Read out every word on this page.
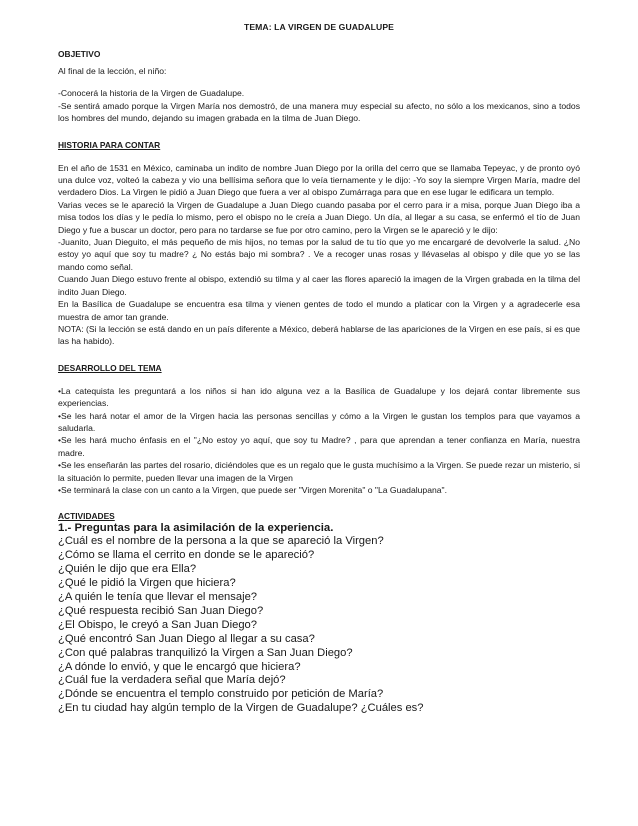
TEMA: LA VIRGEN DE GUADALUPE
OBJETIVO

Al final de la lección, el niño:

-Conocerá la historia de la Virgen de Guadalupe.

-Se sentirá amado porque la Virgen María nos demostró, de una manera muy especial su afecto, no sólo a los mexicanos, sino a todos los hombres del mundo, dejando su imagen grabada en la tilma de Juan Diego.

HISTORIA PARA CONTAR

En el año de 1531 en México, caminaba un indito de nombre Juan Diego por la orilla del cerro que se llamaba Tepeyac, y de pronto oyó una dulce voz, volteó la cabeza y vio una bellísima señora que lo veía tiernamente y le dijo: -Yo soy la siempre Virgen María, madre del verdadero Dios. La Virgen le pidió a Juan Diego que fuera a ver al obispo Zumárraga para que en ese lugar le edificara un templo.

Varias veces se le apareció la Virgen de Guadalupe a Juan Diego cuando pasaba por el cerro para ir a misa, porque Juan Diego iba a misa todos los días y le pedía lo mismo, pero el obispo no le creía a Juan Diego. Un día, al llegar a su casa, se enfermó el tío de Juan Diego y fue a buscar un doctor, pero para no tardarse se fue por otro camino, pero la Virgen se le apareció y le dijo:

-Juanito, Juan Dieguito, el más pequeño de mis hijos, no temas por la salud de tu tío que yo me encargaré de devolverle la salud. ¿No estoy yo aquí que soy tu madre? ¿ No estás bajo mi sombra? . Ve a recoger unas rosas y llévaselas al obispo y dile que yo se las mando como señal.

Cuando Juan Diego estuvo frente al obispo, extendió su tilma y al caer las flores apareció la imagen de la Virgen grabada en la tilma del indito Juan Diego.

En la Basílica de Guadalupe se encuentra esa tilma y vienen gentes de todo el mundo a platicar con la Virgen y a agradecerle esa muestra de amor tan grande.

NOTA: (Si la lección se está dando en un país diferente a México, deberá hablarse de las apariciones de la Virgen en ese país, si es que las ha habido).

DESARROLLO DEL TEMA

•La catequista les preguntará a los niños si han ido alguna vez a la Basílica de Guadalupe y los dejará contar libremente sus experiencias.

•Se les hará notar el amor de la Virgen hacia las personas sencillas y cómo a la Virgen le gustan los templos para que vayamos a saludarla.

•Se les hará mucho énfasis en el "¿No estoy yo aquí, que soy tu Madre? , para que aprendan a tener confianza en María, nuestra madre.

•Se les enseñarán las partes del rosario, diciéndoles que es un regalo que le gusta muchísimo a la Virgen. Se puede rezar un misterio, si la situación lo permite, pueden llevar una imagen de la Virgen

•Se terminará la clase con un canto a la Virgen, que puede ser "Virgen Morenita" o "La Guadalupana".

ACTIVIDADES
1.- Preguntas para la asimilación de la experiencia.
¿Cuál es el nombre de la persona a la que se apareció la Virgen?
¿Cómo se llama el cerrito en donde se le apareció?
¿Quién le dijo que era Ella?
¿Qué le pidió la Virgen que hiciera?
¿A quién le tenía que llevar el mensaje?
¿Qué respuesta recibió San Juan Diego?
¿El Obispo, le creyó a San Juan Diego?
¿Qué encontró San Juan Diego al llegar a su casa?
¿Con qué palabras tranquilizó la Virgen a San Juan Diego?
¿A dónde lo envió, y que le encargó que hiciera?
¿Cuál fue la verdadera señal que María dejó?
¿Dónde se encuentra el templo construido por petición de María?
¿En tu ciudad hay algún templo de la Virgen de Guadalupe? ¿Cuáles es?
